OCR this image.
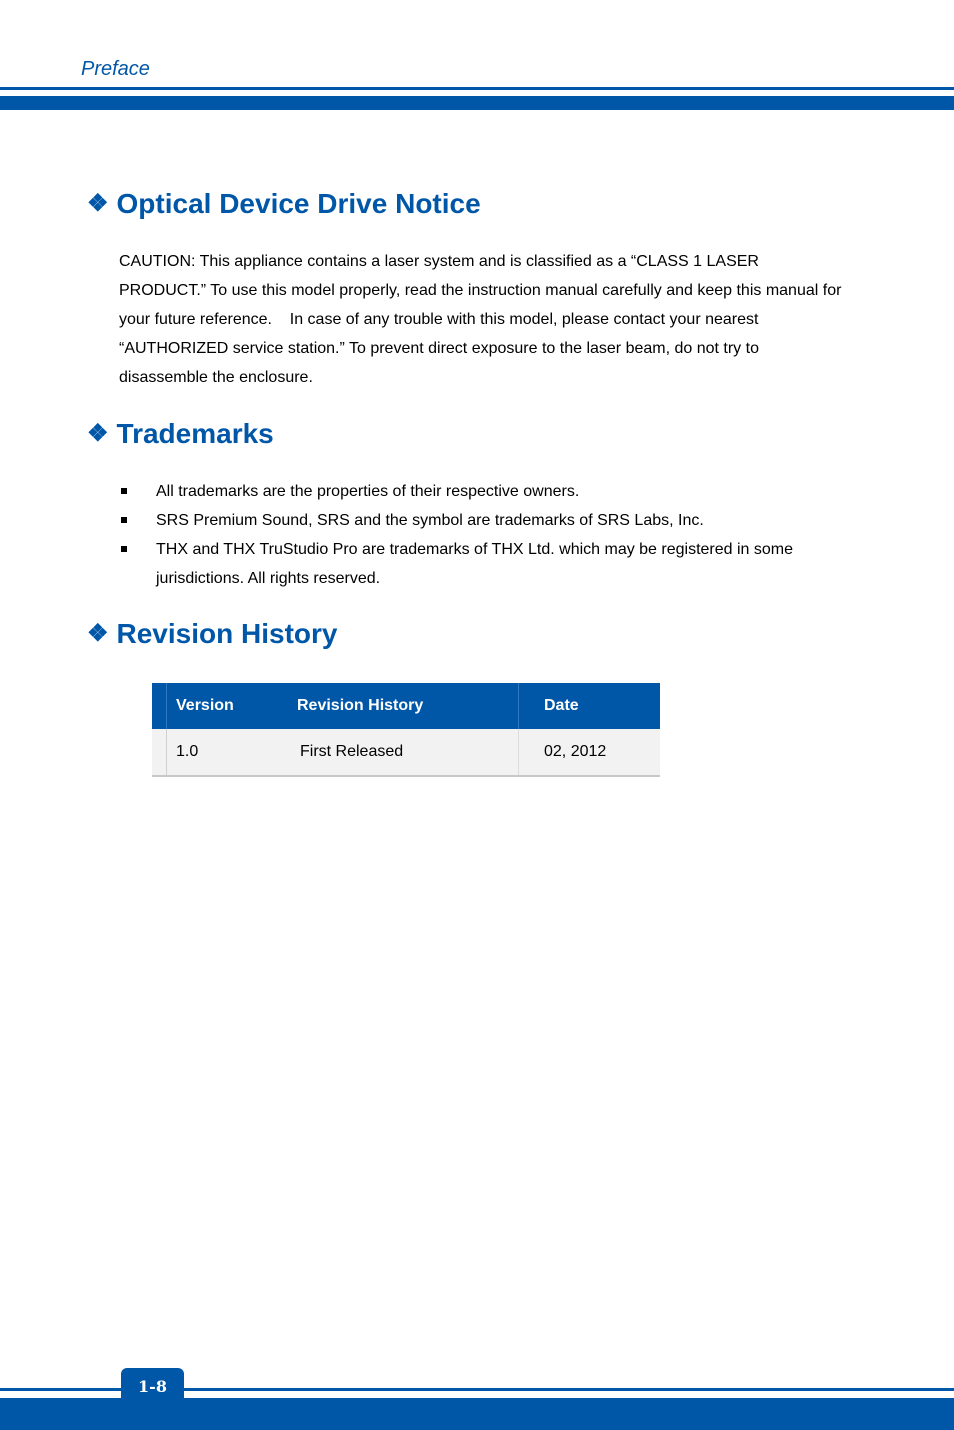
Preface
❖ Optical Device Drive Notice

CAUTION: This appliance contains a laser system and is classified as a “CLASS 1 LASER PRODUCT.” To use this model properly, read the instruction manual carefully and keep this manual for your future reference.    In case of any trouble with this model, please contact your nearest “AUTHORIZED service station.” To prevent direct exposure to the laser beam, do not try to disassemble the enclosure.

❖ Trademarks
All trademarks are the properties of their respective owners.
SRS Premium Sound, SRS and the symbol are trademarks of SRS Labs, Inc.
THX and THX TruStudio Pro are trademarks of THX Ltd. which may be registered in some jurisdictions. All rights reserved.
❖ Revision History
	Version	Revision History	Date
	1.0	First Released	02, 2012
1-8
